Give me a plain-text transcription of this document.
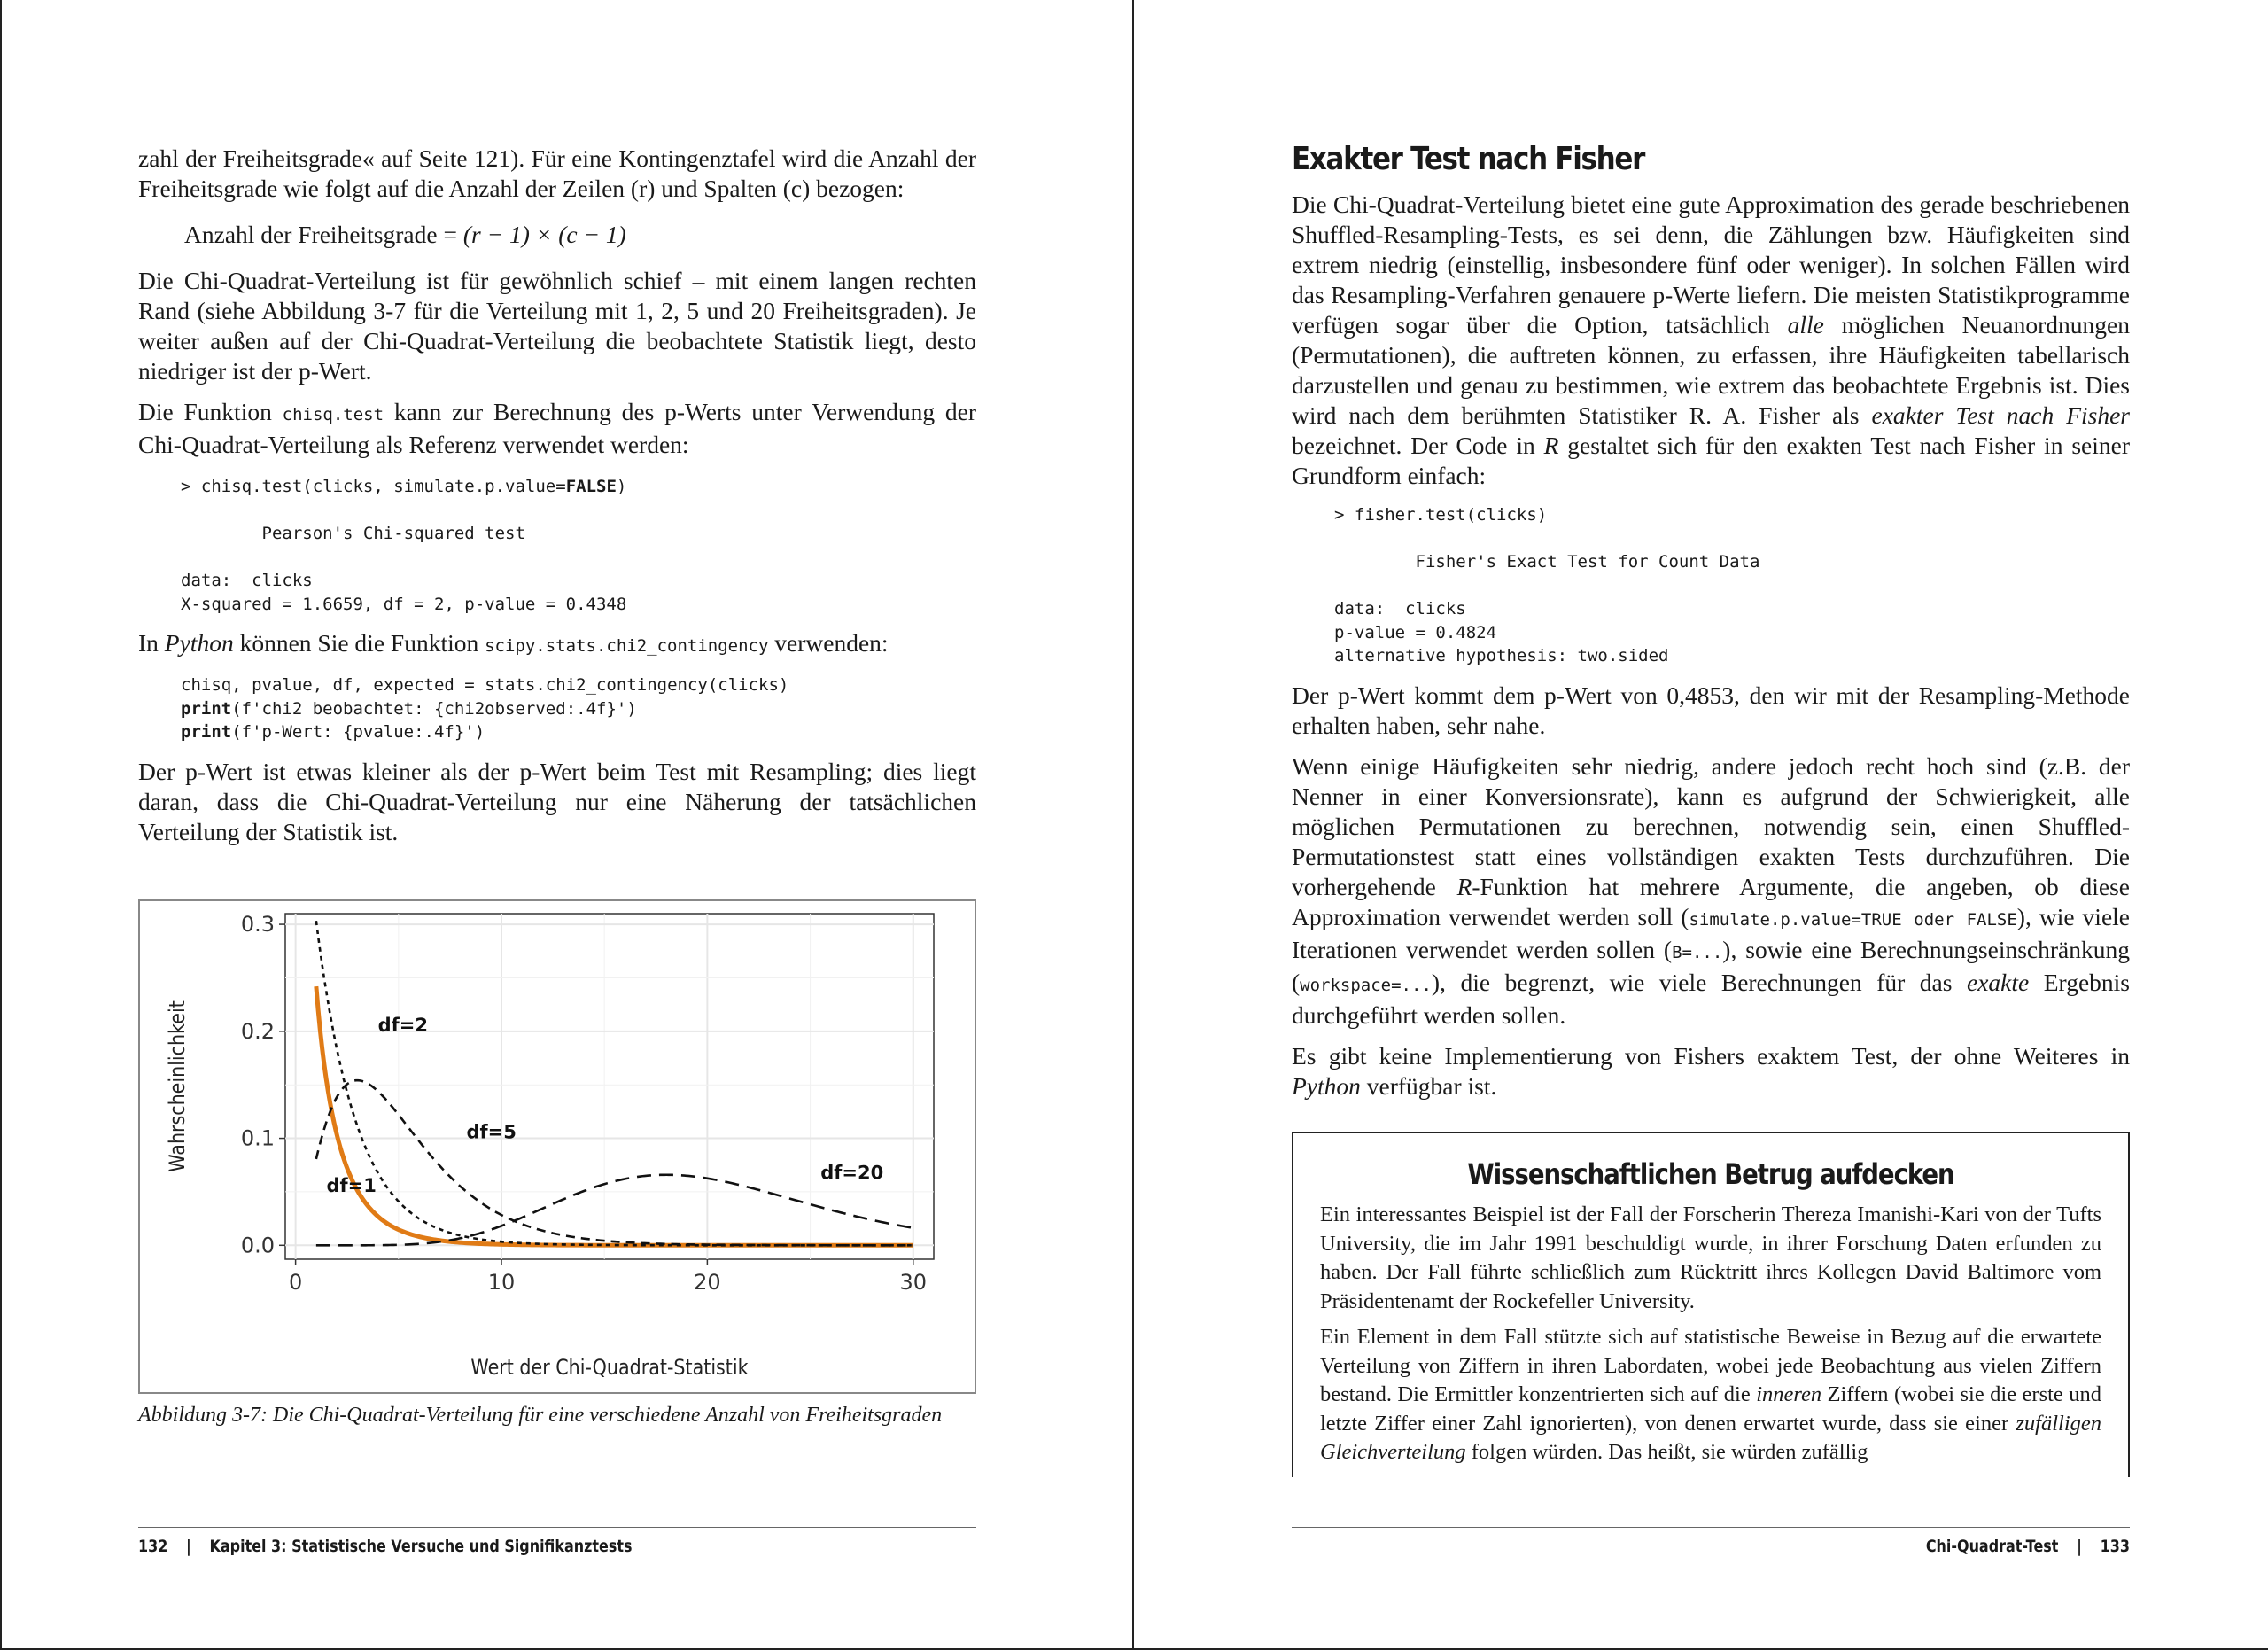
zahl der Freiheitsgrade« auf Seite 121). Für eine Kontingenztafel wird die Anzahl der Freiheitsgrade wie folgt auf die Anzahl der Zeilen (r) und Spalten (c) bezogen:

Anzahl der Freiheitsgrade = (r − 1) × (c − 1)

Die Chi-Quadrat-Verteilung ist für gewöhnlich schief – mit einem langen rechten Rand (siehe Abbildung 3-7 für die Verteilung mit 1, 2, 5 und 20 Freiheitsgraden). Je weiter außen auf der Chi-Quadrat-Verteilung die beobachtete Statistik liegt, desto niedriger ist der p-Wert.

Die Funktion chisq.test kann zur Berechnung des p-Werts unter Verwendung der Chi-Quadrat-Verteilung als Referenz verwendet werden:

> chisq.test(clicks, simulate.p.value=FALSE)

Pearson's Chi-squared test

data:  clicks
X-squared = 1.6659, df = 2, p-value = 0.4348

In Python können Sie die Funktion scipy.stats.chi2_contingency verwenden:

chisq, pvalue, df, expected = stats.chi2_contingency(clicks)
print(f'chi2 beobachtet: {chi2observed:.4f}')
print(f'p-Wert: {pvalue:.4f}')

Der p-Wert ist etwas kleiner als der p-Wert beim Test mit Resampling; dies liegt daran, dass die Chi-Quadrat-Verteilung nur eine Näherung der tatsächlichen Verteilung der Statistik ist.

df=2
df=5
df=1
df=20
0	10	20	30
0.0
0.1
0.2
0.3
Wert der Chi-Quadrat-Statistik
Wahrscheinlichkeit
Abbildung 3-7: Die Chi-Quadrat-Verteilung für eine verschiedene Anzahl von Freiheitsgraden
132 | Kapitel 3: Statistische Versuche und Signifikanztests
Exakter Test nach Fisher

Die Chi-Quadrat-Verteilung bietet eine gute Approximation des gerade beschriebenen Shuffled-Resampling-Tests, es sei denn, die Zählungen bzw. Häufigkeiten sind extrem niedrig (einstellig, insbesondere fünf oder weniger). In solchen Fällen wird das Resampling-Verfahren genauere p-Werte liefern. Die meisten Statistikprogramme verfügen sogar über die Option, tatsächlich alle möglichen Neuanordnungen (Permutationen), die auftreten können, zu erfassen, ihre Häufigkeiten tabellarisch darzustellen und genau zu bestimmen, wie extrem das beobachtete Ergebnis ist. Dies wird nach dem berühmten Statistiker R. A. Fisher als exakter Test nach Fisher bezeichnet. Der Code in R gestaltet sich für den exakten Test nach Fisher in seiner Grundform einfach:

> fisher.test(clicks)

Fisher's Exact Test for Count Data

data:  clicks
p-value = 0.4824
alternative hypothesis: two.sided

Der p-Wert kommt dem p-Wert von 0,4853, den wir mit der Resampling-Methode erhalten haben, sehr nahe.

Wenn einige Häufigkeiten sehr niedrig, andere jedoch recht hoch sind (z.B. der Nenner in einer Konversionsrate), kann es aufgrund der Schwierigkeit, alle möglichen Permutationen zu berechnen, notwendig sein, einen Shuffled-Permutationstest statt eines vollständigen exakten Tests durchzuführen. Die vorhergehende R-Funktion hat mehrere Argumente, die angeben, ob diese Approximation verwendet werden soll (simulate.p.value=TRUE oder FALSE), wie viele Iterationen verwendet werden sollen (B=...), sowie eine Berechnungseinschränkung (workspace=...), die begrenzt, wie viele Berechnungen für das exakte Ergebnis durchgeführt werden sollen.

Es gibt keine Implementierung von Fishers exaktem Test, der ohne Weiteres in Python verfügbar ist.

Wissenschaftlichen Betrug aufdecken

Ein interessantes Beispiel ist der Fall der Forscherin Thereza Imanishi-Kari von der Tufts University, die im Jahr 1991 beschuldigt wurde, in ihrer Forschung Daten erfunden zu haben. Der Fall führte schließlich zum Rücktritt ihres Kollegen David Baltimore vom Präsidentenamt der Rockefeller University.

Ein Element in dem Fall stützte sich auf statistische Beweise in Bezug auf die erwartete Verteilung von Ziffern in ihren Labordaten, wobei jede Beobachtung aus vielen Ziffern bestand. Die Ermittler konzentrierten sich auf die inneren Ziffern (wobei sie die erste und letzte Ziffer einer Zahl ignorierten), von denen erwartet wurde, dass sie einer zufälligen Gleichverteilung folgen würden. Das heißt, sie würden zufällig

Chi-Quadrat-Test | 133
